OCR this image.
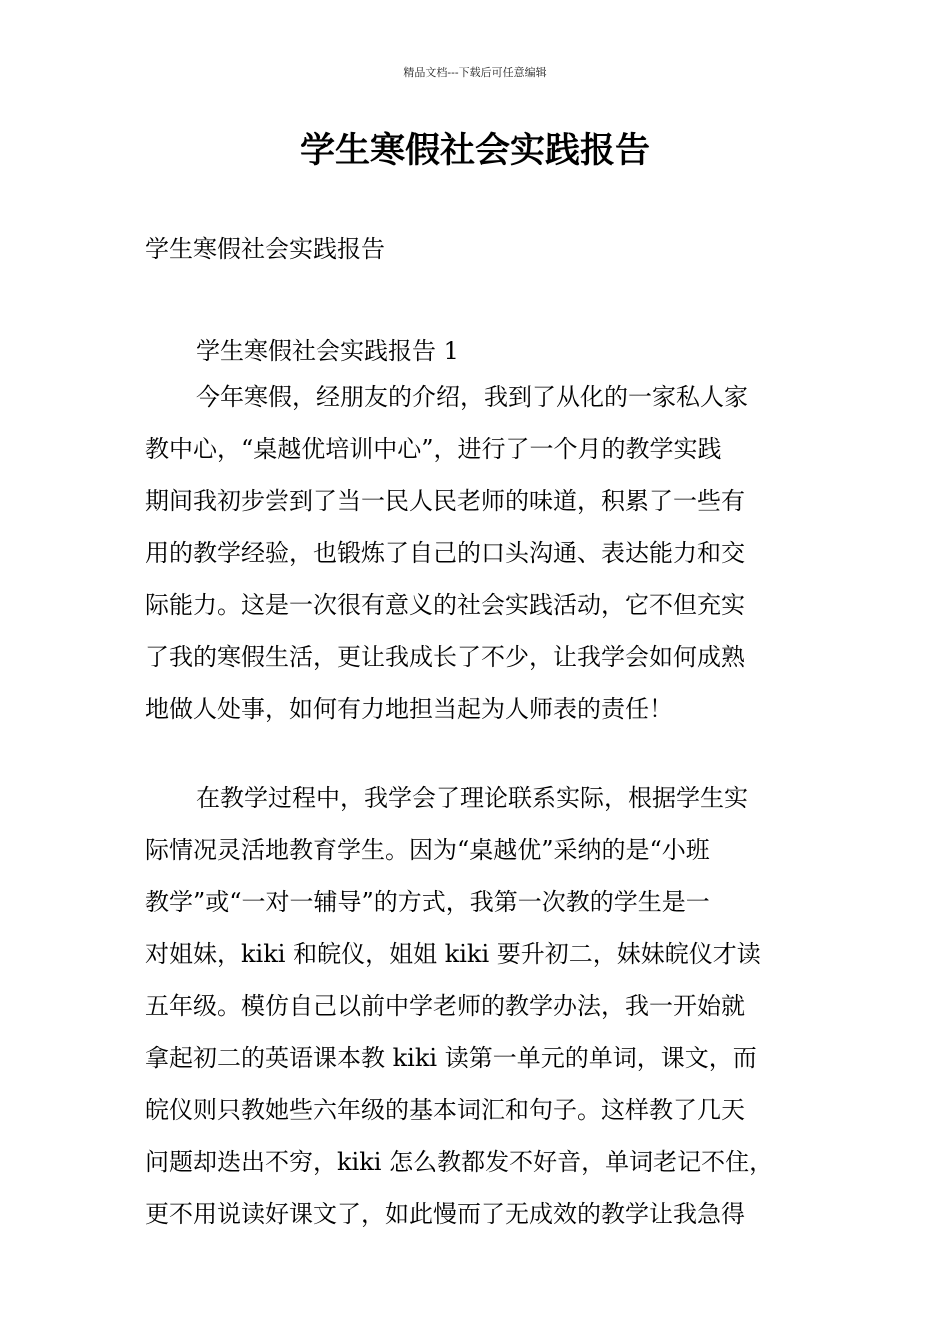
精品文档---下载后可任意编辑
学生寒假社会实践报告

学生寒假社会实践报告

学生寒假社会实践报告 1

今年寒假，经朋友的介绍，我到了从化的一家私人家
教中心，“桌越优培训中心”，进行了一个月的教学实践
期间我初步尝到了当一民人民老师的味道，积累了一些有
用的教学经验，也锻炼了自己的口头沟通、表达能力和交
际能力。这是一次很有意义的社会实践活动，它不但充实
了我的寒假生活，更让我成长了不少，让我学会如何成熟
地做人处事，如何有力地担当起为人师表的责任！
在教学过程中，我学会了理论联系实际，根据学生实
际情况灵活地教育学生。因为“桌越优”采纳的是“小班
教学”或“一对一辅导”的方式，我第一次教的学生是一
对姐妹，kiki 和皖仪，姐姐 kiki 要升初二，妹妹皖仪才读
五年级。模仿自己以前中学老师的教学办法，我一开始就
拿起初二的英语课本教 kiki 读第一单元的单词，课文，而
皖仪则只教她些六年级的基本词汇和句子。这样教了几天
问题却迭出不穷，kiki 怎么教都发不好音，单词老记不住，
更不用说读好课文了，如此慢而了无成效的教学让我急得
